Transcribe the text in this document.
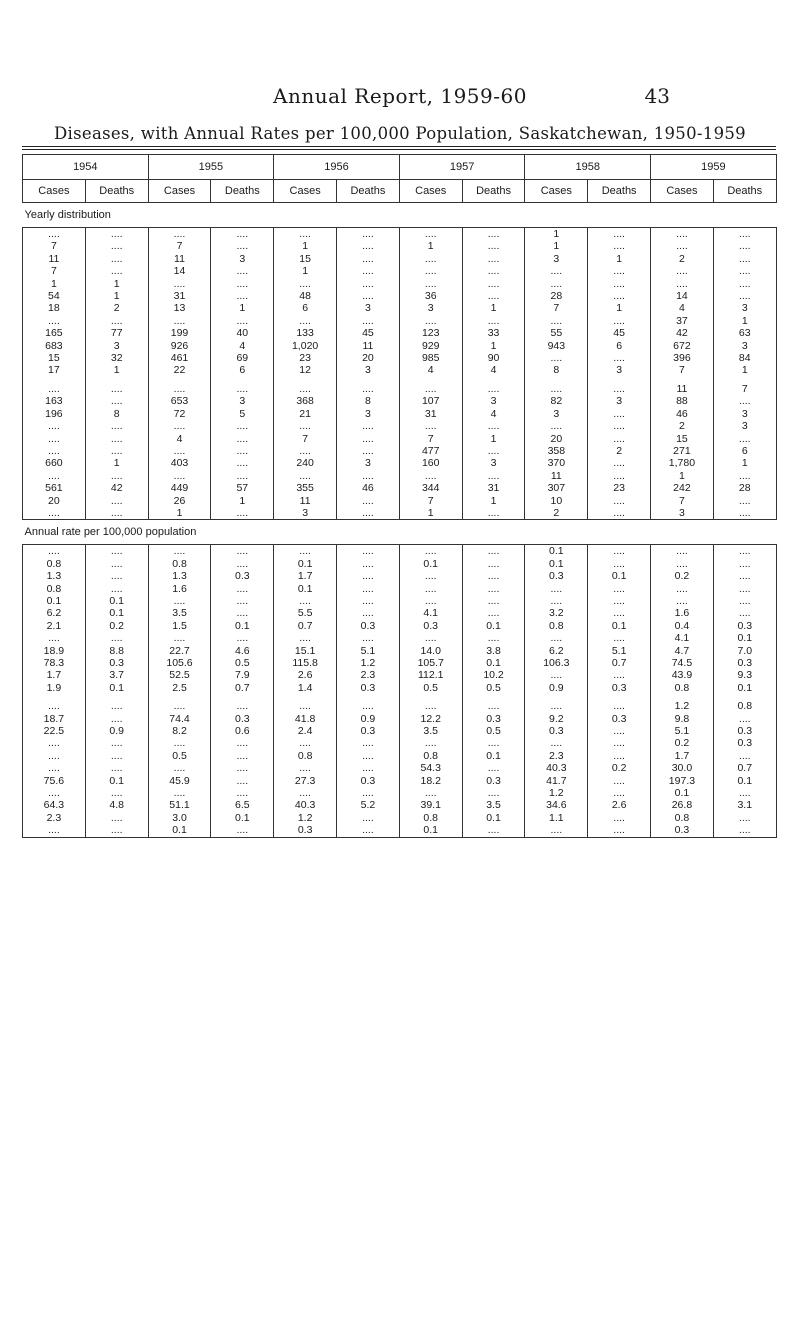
Annual Report, 1959-60	43
Diseases, with Annual Rates per 100,000 Population, Saskatchewan, 1950-1959
1954		1955		1956		1957		1958		1959	
Cases	Deaths	Cases	Deaths	Cases	Deaths	Cases	Deaths	Cases	Deaths	Cases	Deaths
Yearly distribution											
....	....	....	....	....	....	....	....	1	....	....	....
7	....	7	....	1	....	1	....	1	....	....	....
11	....	11	3	15	....	....	....	3	1	2	....
7	....	14	....	1	....	....	....	....	....	....	....
1	1	....	....	....	....	....	....	....	....	....	....
54	1	31	....	48	....	36	....	28	....	14	....
18	2	13	1	6	3	3	1	7	1	4	3
....	....	....	....	....	....	....	....	....	....	37	1
165	77	199	40	133	45	123	33	55	45	42	63
683	3	926	4	1,020	11	929	1	943	6	672	3
15	32	461	69	23	20	985	90	....	....	396	84
17	1	22	6	12	3	4	4	8	3	7	1

....	....	....	....	....	....	....	....	....	....	11	7
163	....	653	3	368	8	107	3	82	3	88	....
196	8	72	5	21	3	31	4	3	....	46	3
....	....	....	....	....	....	....	....	....	....	2	3
....	....	4	....	7	....	7	1	20	....	15	....
....	....	....	....	....	....	477	....	358	2	271	6
660	1	403	....	240	3	160	3	370	....	1,780	1
....	....	....	....	....	....	....	....	11	....	1	....
561	42	449	57	355	46	344	31	307	23	242	28
20	....	26	1	11	....	7	1	10	....	7	....
....	....	1	....	3	....	1	....	2	....	3	....
Annual rate per 100,000 population											
....	....	....	....	....	....	....	....	0.1	....	....	....
0.8	....	0.8	....	0.1	....	0.1	....	0.1	....	....	....
1.3	....	1.3	0.3	1.7	....	....	....	0.3	0.1	0.2	....
0.8	....	1.6	....	0.1	....	....	....	....	....	....	....
0.1	0.1	....	....	....	....	....	....	....	....	....	....
6.2	0.1	3.5	....	5.5	....	4.1	....	3.2	....	1.6	....
2.1	0.2	1.5	0.1	0.7	0.3	0.3	0.1	0.8	0.1	0.4	0.3
....	....	....	....	....	....	....	....	....	....	4.1	0.1
18.9	8.8	22.7	4.6	15.1	5.1	14.0	3.8	6.2	5.1	4.7	7.0
78.3	0.3	105.6	0.5	115.8	1.2	105.7	0.1	106.3	0.7	74.5	0.3
1.7	3.7	52.5	7.9	2.6	2.3	112.1	10.2	....	....	43.9	9.3
1.9	0.1	2.5	0.7	1.4	0.3	0.5	0.5	0.9	0.3	0.8	0.1

....	....	....	....	....	....	....	....	....	....	1.2	0.8
18.7	....	74.4	0.3	41.8	0.9	12.2	0.3	9.2	0.3	9.8	....
22.5	0.9	8.2	0.6	2.4	0.3	3.5	0.5	0.3	....	5.1	0.3
....	....	....	....	....	....	....	....	....	....	0.2	0.3
....	....	0.5	....	0.8	....	0.8	0.1	2.3	....	1.7	....
....	....	....	....	....	....	54.3	....	40.3	0.2	30.0	0.7
75.6	0.1	45.9	....	27.3	0.3	18.2	0.3	41.7	....	197.3	0.1
....	....	....	....	....	....	....	....	1.2	....	0.1	....
64.3	4.8	51.1	6.5	40.3	5.2	39.1	3.5	34.6	2.6	26.8	3.1
2.3	....	3.0	0.1	1.2	....	0.8	0.1	1.1	....	0.8	....
....	....	0.1	....	0.3	....	0.1	....	....	....	0.3	....
